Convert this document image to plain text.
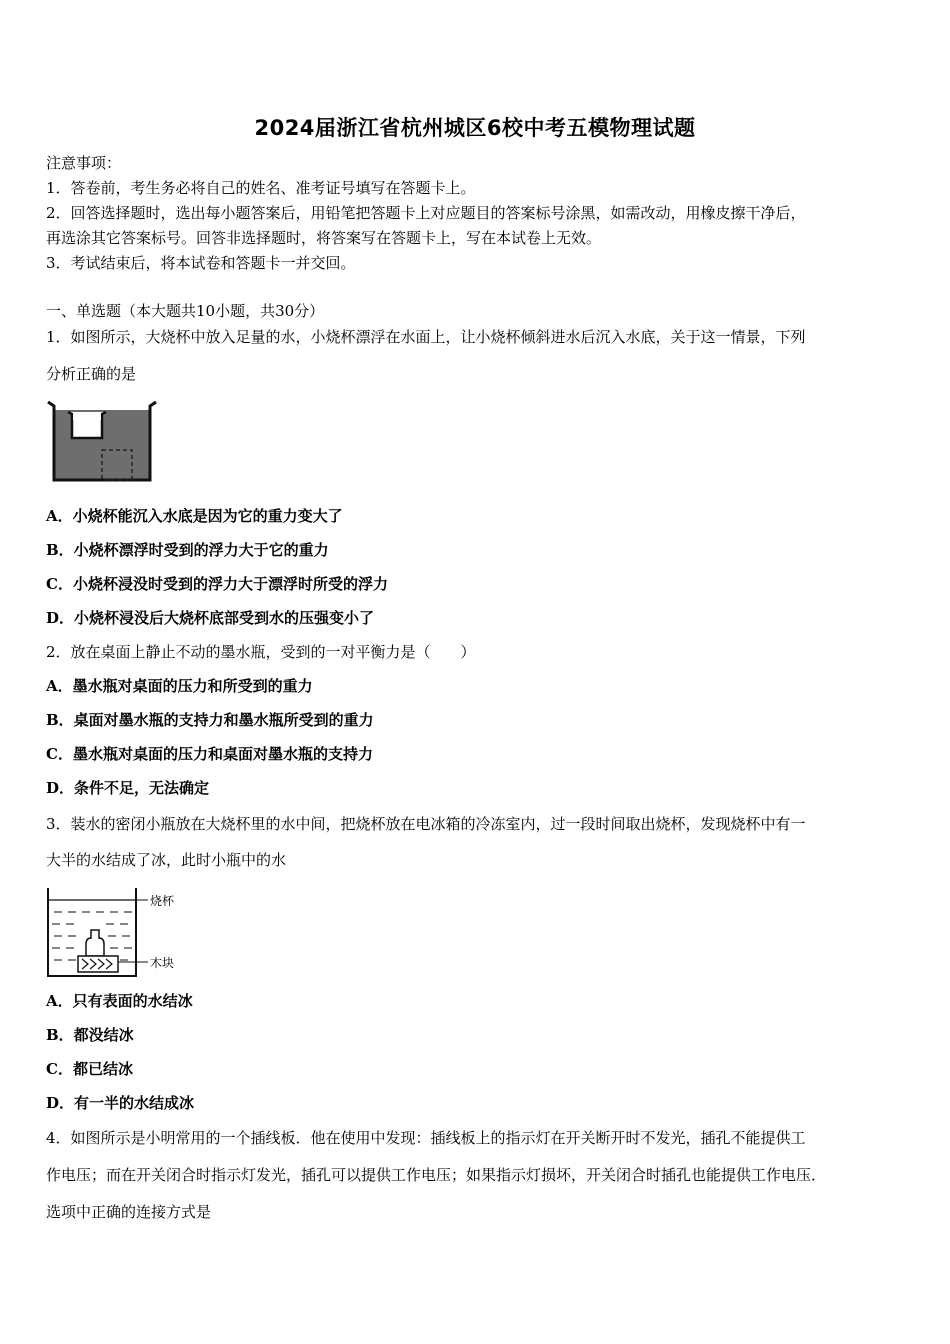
2024届浙江省杭州城区6校中考五模物理试题
注意事项：
1．答卷前，考生务必将自己的姓名、准考证号填写在答题卡上。
2．回答选择题时，选出每小题答案后，用铅笔把答题卡上对应题目的答案标号涂黑，如需改动，用橡皮擦干净后，
再选涂其它答案标号。回答非选择题时，将答案写在答题卡上，写在本试卷上无效。
3．考试结束后，将本试卷和答题卡一并交回。
一、单选题（本大题共10小题，共30分）
1．如图所示，大烧杯中放入足量的水，小烧杯漂浮在水面上，让小烧杯倾斜进水后沉入水底，关于这一情景，下列
分析正确的是
A．小烧杯能沉入水底是因为它的重力变大了
B．小烧杯漂浮时受到的浮力大于它的重力
C．小烧杯浸没时受到的浮力大于漂浮时所受的浮力
D．小烧杯浸没后大烧杯底部受到水的压强变小了
2．放在桌面上静止不动的墨水瓶，受到的一对平衡力是（　　）
A．墨水瓶对桌面的压力和所受到的重力
B．桌面对墨水瓶的支持力和墨水瓶所受到的重力
C．墨水瓶对桌面的压力和桌面对墨水瓶的支持力
D．条件不足，无法确定
3．装水的密闭小瓶放在大烧杯里的水中间，把烧杯放在电冰箱的冷冻室内，过一段时间取出烧杯，发现烧杯中有一
大半的水结成了冰，此时小瓶中的水
烧杯
木块
A．只有表面的水结冰
B．都没结冰
C．都已结冰
D．有一半的水结成冰
4．如图所示是小明常用的一个插线板．他在使用中发现：插线板上的指示灯在开关断开时不发光，插孔不能提供工
作电压；而在开关闭合时指示灯发光，插孔可以提供工作电压；如果指示灯损坏，开关闭合时插孔也能提供工作电压．
选项中正确的连接方式是
